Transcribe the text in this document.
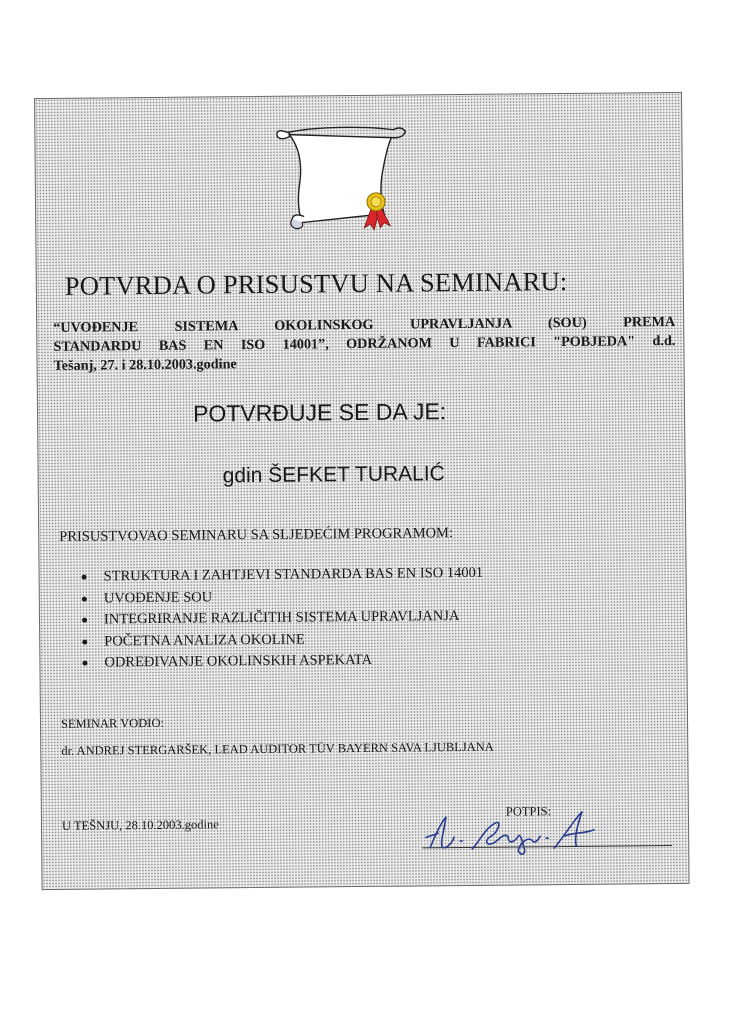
POTVRDA O PRISUSTVU NA SEMINARU:
“UVOĐENJE SISTEMA OKOLINSKOG UPRAVLJANJA (SOU) PREMA
STANDARDU BAS EN ISO 14001”, ODRŽANOM U FABRICI "POBJEDA" d.d.
Tešanj, 27. i 28.10.2003.godine
POTVRĐUJE SE DA JE:
gdin ŠEFKET TURALIĆ
PRISUSTVOVAO SEMINARU SA SLJEDEĆIM PROGRAMOM:
STRUKTURA I ZAHTJEVI STANDARDA BAS EN ISO 14001
UVOĐENJE SOU
INTEGRIRANJE RAZLIČITIH SISTEMA UPRAVLJANJA
POČETNA ANALIZA OKOLINE
ODREĐIVANJE OKOLINSKIH ASPEKATA
SEMINAR VODIO:
dr. ANDREJ STERGARŠEK, LEAD AUDITOR TÜV BAYERN SAVA LJUBLJANA
U TEŠNJU, 28.10.2003.godine
POTPIS:
